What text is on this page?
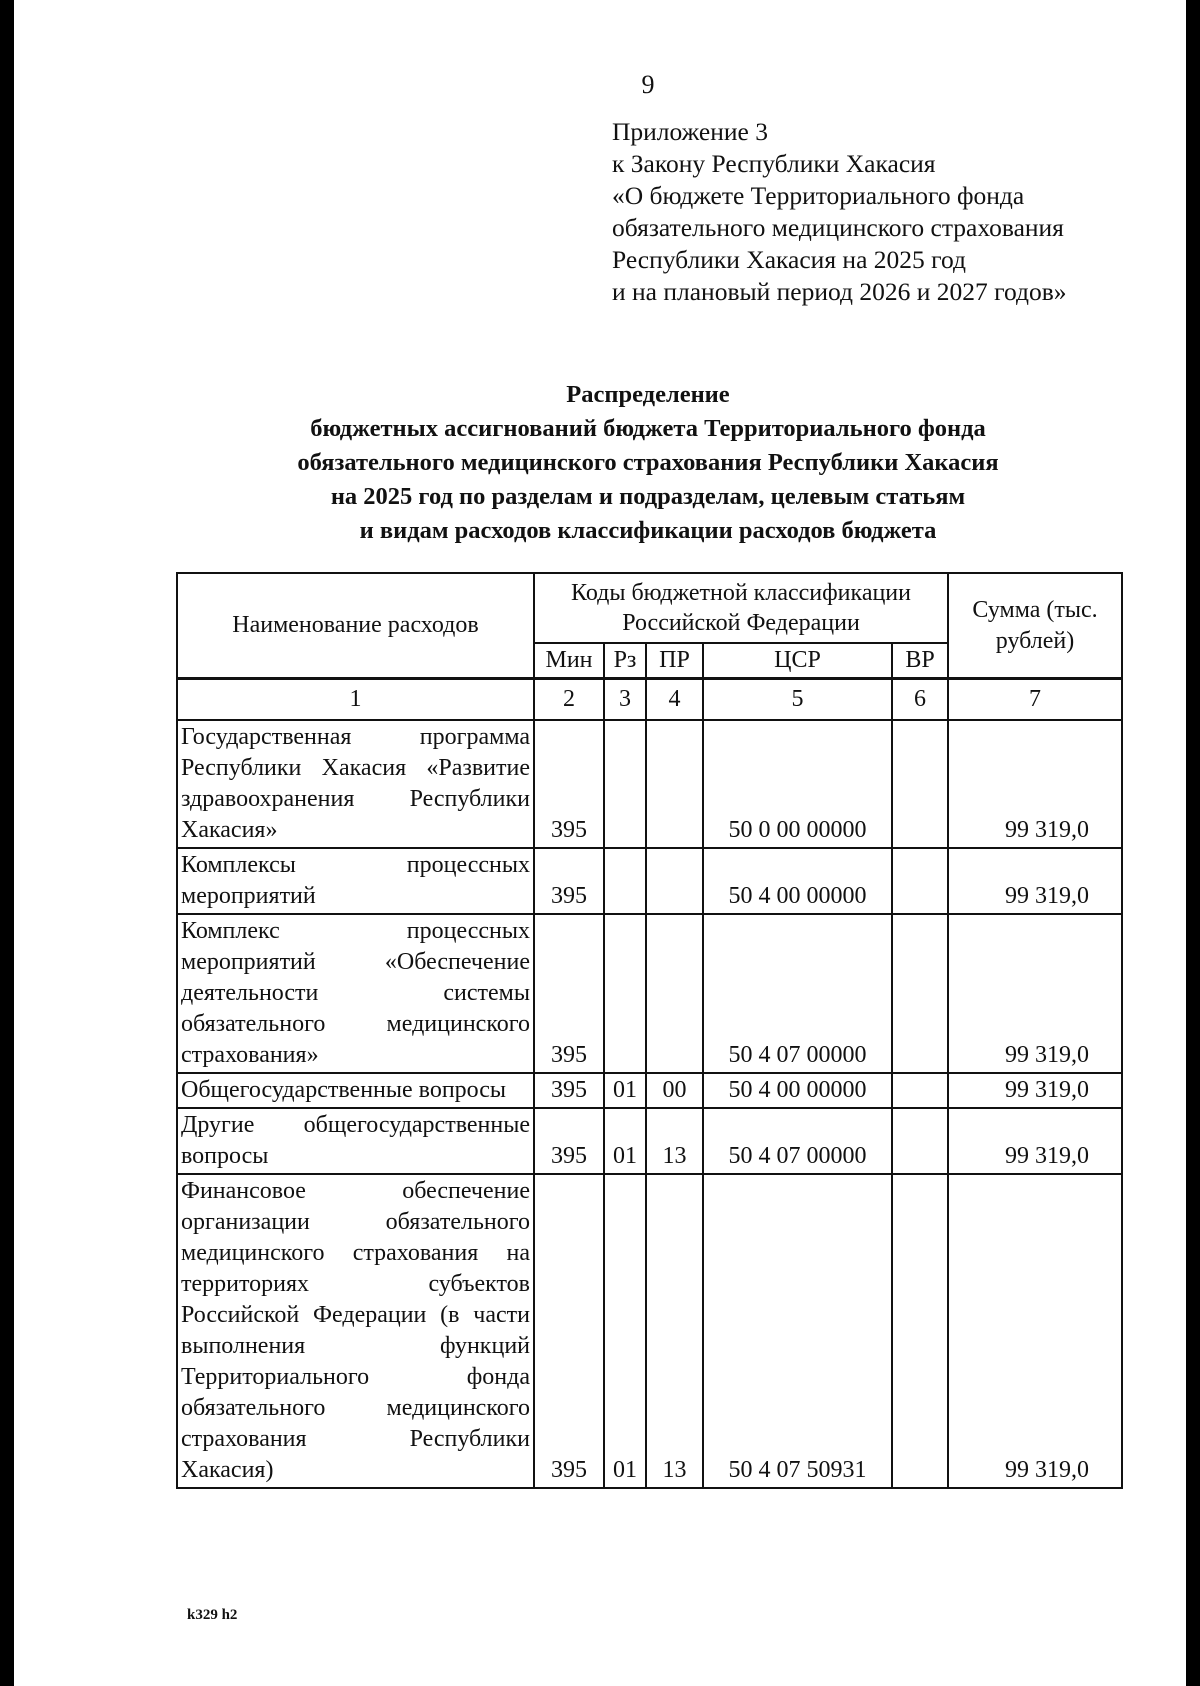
9
Приложение 3
к Закону Республики Хакасия
«О бюджете Территориального фонда
обязательного медицинского страхования
Республики Хакасия на 2025 год
и на плановый период 2026 и 2027 годов»
Распределение
бюджетных ассигнований бюджета Территориального фонда
обязательного медицинского страхования Республики Хакасия
на 2025 год по разделам и подразделам, целевым статьям
и видам расходов классификации расходов бюджета
Наименование расходов	Коды бюджетной классификации Российской Федерации					Сумма (тыс. рублей)
	Мин	Рз	ПР	ЦСР	ВР	
1	2	3	4	5	6	7
Государственная программа Республики Хакасия «Развитие здравоохранения Республики Хакасия»	395			50 0 00 00000		99 319,0
Комплексы процессных мероприятий	395			50 4 00 00000		99 319,0
Комплекс процессных мероприятий «Обеспечение деятельности системы обязательного медицинского страхования»	395			50 4 07 00000		99 319,0
Общегосударственные вопросы	395	01	00	50 4 00 00000		99 319,0
Другие общегосударственные вопросы	395	01	13	50 4 07 00000		99 319,0
Финансовое обеспечение организации обязательного медицинского страхования на территориях субъектов Российской Федерации (в части выполнения функций Территориального фонда обязательного медицинского страхования Республики Хакасия)	395	01	13	50 4 07 50931		99 319,0
k329 h2
